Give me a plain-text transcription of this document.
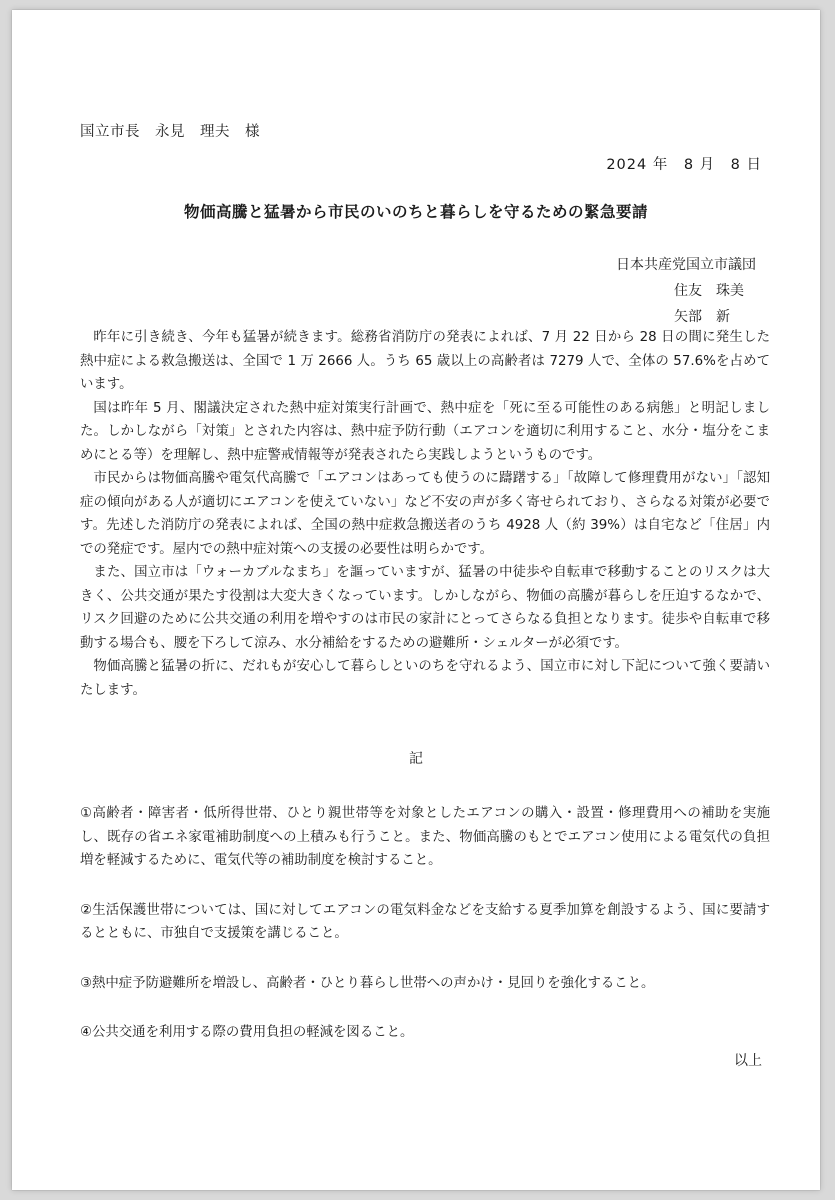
国立市長　永見　理夫　様
2024 年　8 月　8 日
物価高騰と猛暑から市民のいのちと暮らしを守るための緊急要請
日本共産党国立市議団
住友　珠美
矢部　新

昨年に引き続き、今年も猛暑が続きます。総務省消防庁の発表によれば、7 月 22 日から 28 日の間に発生した熱中症による救急搬送は、全国で 1 万 2666 人。うち 65 歳以上の高齢者は 7279 人で、全体の 57.6%を占めています。

国は昨年 5 月、閣議決定された熱中症対策実行計画で、熱中症を「死に至る可能性のある病態」と明記しました。しかしながら「対策」とされた内容は、熱中症予防行動（エアコンを適切に利用すること、水分・塩分をこまめにとる等）を理解し、熱中症警戒情報等が発表されたら実践しようというものです。

市民からは物価高騰や電気代高騰で「エアコンはあっても使うのに躊躇する」「故障して修理費用がない」「認知症の傾向がある人が適切にエアコンを使えていない」など不安の声が多く寄せられており、さらなる対策が必要です。先述した消防庁の発表によれば、全国の熱中症救急搬送者のうち 4928 人（約 39%）は自宅など「住居」内での発症です。屋内での熱中症対策への支援の必要性は明らかです。

また、国立市は「ウォーカブルなまち」を謳っていますが、猛暑の中徒歩や自転車で移動することのリスクは大きく、公共交通が果たす役割は大変大きくなっています。しかしながら、物価の高騰が暮らしを圧迫するなかで、リスク回避のために公共交通の利用を増やすのは市民の家計にとってさらなる負担となります。徒歩や自転車で移動する場合も、腰を下ろして涼み、水分補給をするための避難所・シェルターが必須です。

物価高騰と猛暑の折に、だれもが安心して暮らしといのちを守れるよう、国立市に対し下記について強く要請いたします。

記
①高齢者・障害者・低所得世帯、ひとり親世帯等を対象としたエアコンの購入・設置・修理費用への補助を実施し、既存の省エネ家電補助制度への上積みも行うこと。また、物価高騰のもとでエアコン使用による電気代の負担増を軽減するために、電気代等の補助制度を検討すること。
②生活保護世帯については、国に対してエアコンの電気料金などを支給する夏季加算を創設するよう、国に要請するとともに、市独自で支援策を講じること。
③熱中症予防避難所を増設し、高齢者・ひとり暮らし世帯への声かけ・見回りを強化すること。
④公共交通を利用する際の費用負担の軽減を図ること。
以上
